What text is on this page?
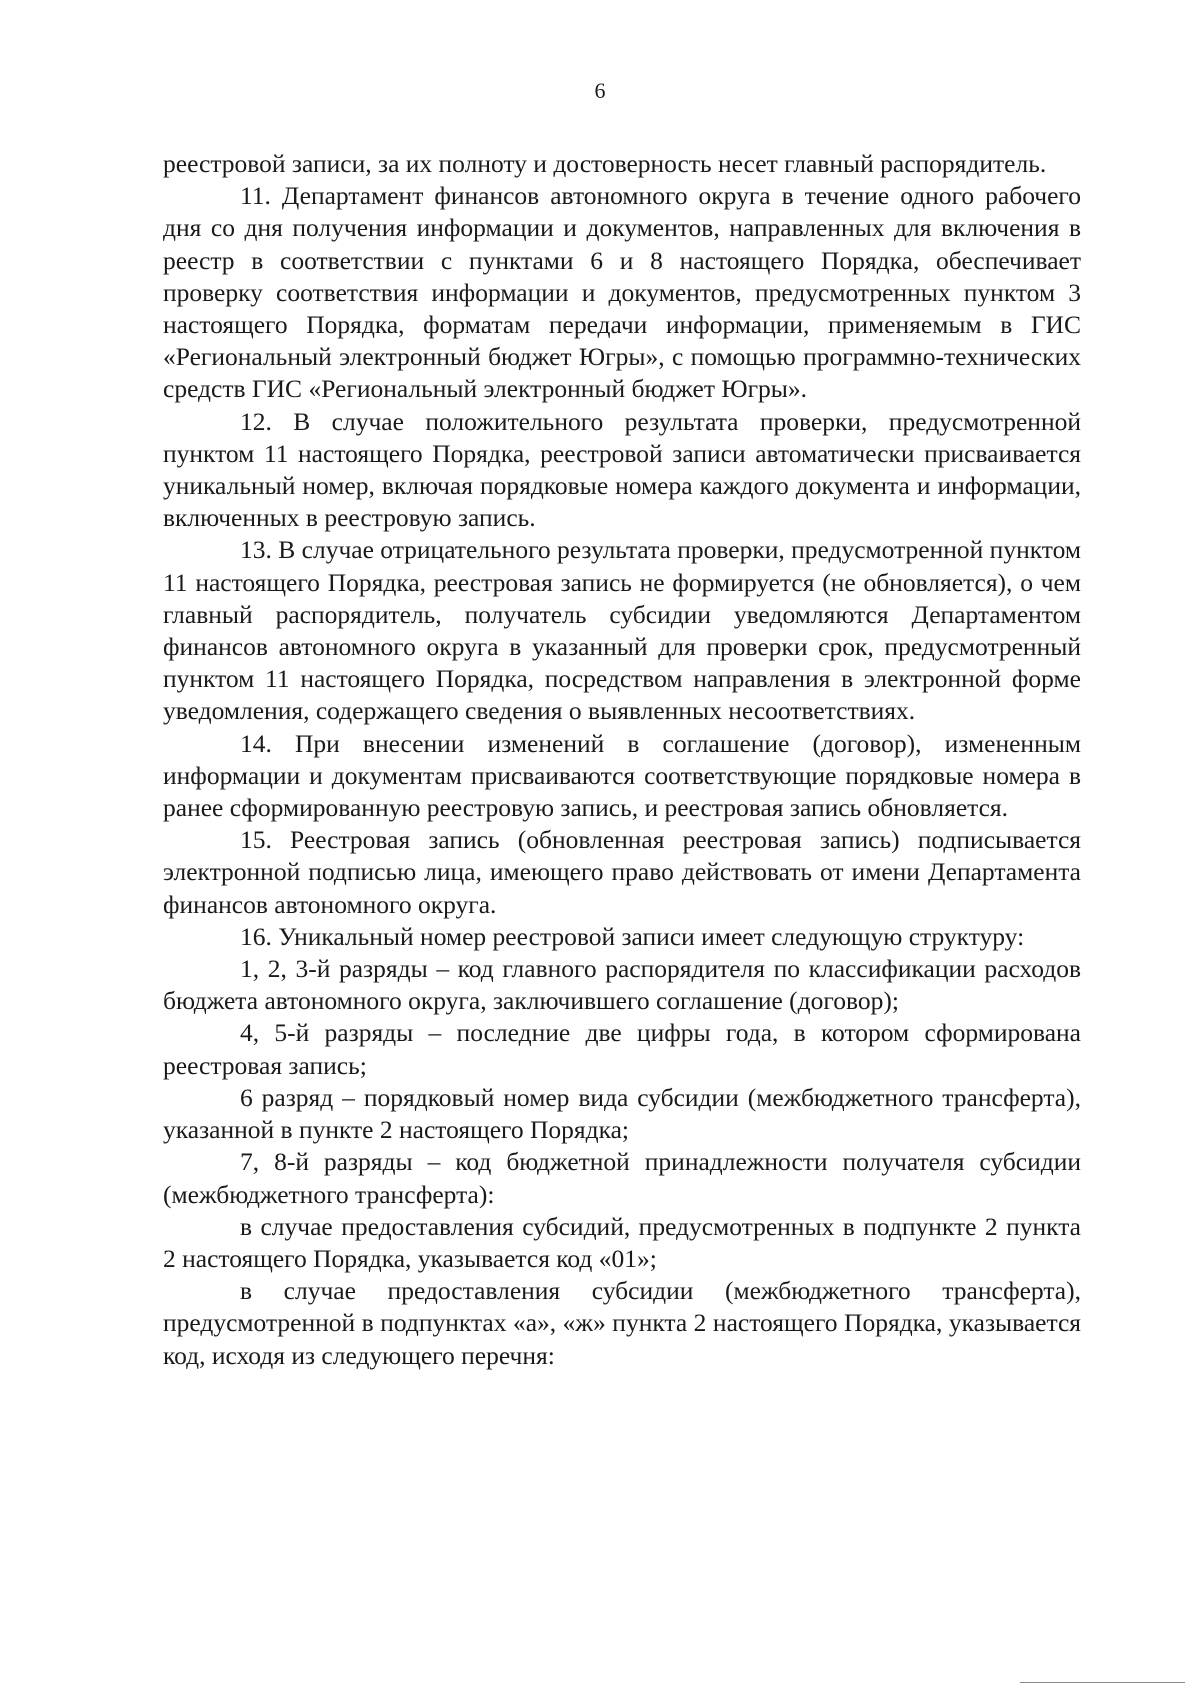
6

реестровой записи, за их полноту и достоверность несет главный распорядитель.

11. Департамент финансов автономного округа в течение одного рабочего дня со дня получения информации и документов, направленных для включения в реестр в соответствии с пунктами 6 и 8 настоящего Порядка, обеспечивает проверку соответствия информации и документов, предусмотренных пунктом 3 настоящего Порядка, форматам передачи информации, применяемым в ГИС «Региональный электронный бюджет Югры», с помощью программно-технических средств ГИС «Региональный электронный бюджет Югры».

12. В случае положительного результата проверки, предусмотренной пунктом 11 настоящего Порядка, реестровой записи автоматически присваивается уникальный номер, включая порядковые номера каждого документа и информации, включенных в реестровую запись.

13. В случае отрицательного результата проверки, предусмотренной пунктом 11 настоящего Порядка, реестровая запись не формируется (не обновляется), о чем главный распорядитель, получатель субсидии уведомляются Департаментом финансов автономного округа в указанный для проверки срок, предусмотренный пунктом 11 настоящего Порядка, посредством направления в электронной форме уведомления, содержащего сведения о выявленных несоответствиях.

14. При внесении изменений в соглашение (договор), измененным информации и документам присваиваются соответствующие порядковые номера в ранее сформированную реестровую запись, и реестровая запись обновляется.

15. Реестровая запись (обновленная реестровая запись) подписывается электронной подписью лица, имеющего право действовать от имени Департамента финансов автономного округа.

16. Уникальный номер реестровой записи имеет следующую структуру:

1, 2, 3-й разряды – код главного распорядителя по классификации расходов бюджета автономного округа, заключившего соглашение (договор);

4, 5-й разряды – последние две цифры года, в котором сформирована реестровая запись;

6 разряд – порядковый номер вида субсидии (межбюджетного трансферта), указанной в пункте 2 настоящего Порядка;

7, 8-й разряды – код бюджетной принадлежности получателя субсидии (межбюджетного трансферта):

в случае предоставления субсидий, предусмотренных в подпункте 2 пункта 2 настоящего Порядка, указывается код «01»;

в случае предоставления субсидии (межбюджетного трансферта), предусмотренной в подпунктах «а», «ж» пункта 2 настоящего Порядка, указывается код, исходя из следующего перечня:
